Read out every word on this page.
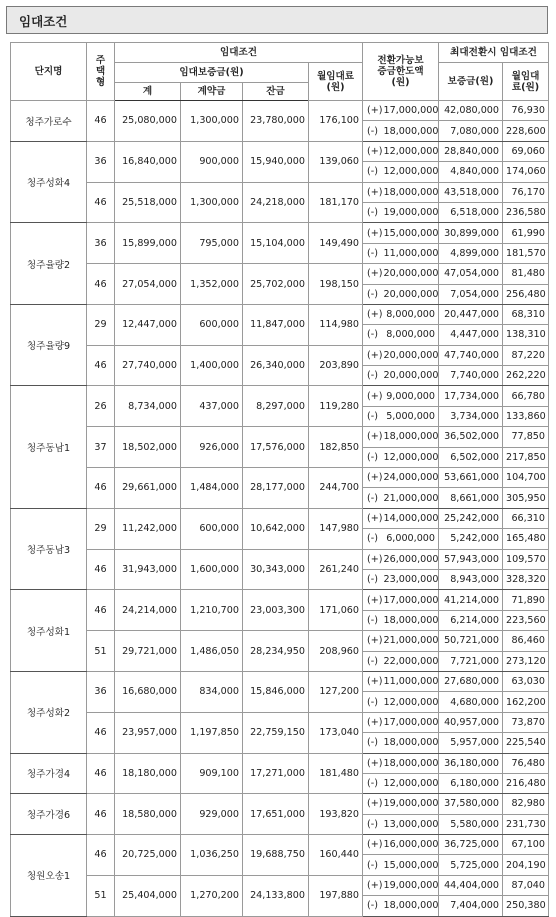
임대조건
단지명	주택형	임대조건				전환가능보증금한도액(원)		최대전환시 임대조건	
		임대보증금(원)			월임대료(원)			보증금(원)	월임대료(원)
		계	계약금	잔금					
청주가로수	46	25,080,000	1,300,000	23,780,000	176,100	(+)	17,000,000	42,080,000	76,930
						(-)	18,000,000	7,080,000	228,600
청주성화4	36	16,840,000	900,000	15,940,000	139,060	(+)	12,000,000	28,840,000	69,060
						(-)	12,000,000	4,840,000	174,060
	46	25,518,000	1,300,000	24,218,000	181,170	(+)	18,000,000	43,518,000	76,170
						(-)	19,000,000	6,518,000	236,580
청주율량2	36	15,899,000	795,000	15,104,000	149,490	(+)	15,000,000	30,899,000	61,990
						(-)	11,000,000	4,899,000	181,570
	46	27,054,000	1,352,000	25,702,000	198,150	(+)	20,000,000	47,054,000	81,480
						(-)	20,000,000	7,054,000	256,480
청주율량9	29	12,447,000	600,000	11,847,000	114,980	(+)	8,000,000	20,447,000	68,310
						(-)	8,000,000	4,447,000	138,310
	46	27,740,000	1,400,000	26,340,000	203,890	(+)	20,000,000	47,740,000	87,220
						(-)	20,000,000	7,740,000	262,220
청주동남1	26	8,734,000	437,000	8,297,000	119,280	(+)	9,000,000	17,734,000	66,780
						(-)	5,000,000	3,734,000	133,860
	37	18,502,000	926,000	17,576,000	182,850	(+)	18,000,000	36,502,000	77,850
						(-)	12,000,000	6,502,000	217,850
	46	29,661,000	1,484,000	28,177,000	244,700	(+)	24,000,000	53,661,000	104,700
						(-)	21,000,000	8,661,000	305,950
청주동남3	29	11,242,000	600,000	10,642,000	147,980	(+)	14,000,000	25,242,000	66,310
						(-)	6,000,000	5,242,000	165,480
	46	31,943,000	1,600,000	30,343,000	261,240	(+)	26,000,000	57,943,000	109,570
						(-)	23,000,000	8,943,000	328,320
청주성화1	46	24,214,000	1,210,700	23,003,300	171,060	(+)	17,000,000	41,214,000	71,890
						(-)	18,000,000	6,214,000	223,560
	51	29,721,000	1,486,050	28,234,950	208,960	(+)	21,000,000	50,721,000	86,460
						(-)	22,000,000	7,721,000	273,120
청주성화2	36	16,680,000	834,000	15,846,000	127,200	(+)	11,000,000	27,680,000	63,030
						(-)	12,000,000	4,680,000	162,200
	46	23,957,000	1,197,850	22,759,150	173,040	(+)	17,000,000	40,957,000	73,870
						(-)	18,000,000	5,957,000	225,540
청주가경4	46	18,180,000	909,100	17,271,000	181,480	(+)	18,000,000	36,180,000	76,480
						(-)	12,000,000	6,180,000	216,480
청주가경6	46	18,580,000	929,000	17,651,000	193,820	(+)	19,000,000	37,580,000	82,980
						(-)	13,000,000	5,580,000	231,730
청원오송1	46	20,725,000	1,036,250	19,688,750	160,440	(+)	16,000,000	36,725,000	67,100
						(-)	15,000,000	5,725,000	204,190
	51	25,404,000	1,270,200	24,133,800	197,880	(+)	19,000,000	44,404,000	87,040
						(-)	18,000,000	7,404,000	250,380
